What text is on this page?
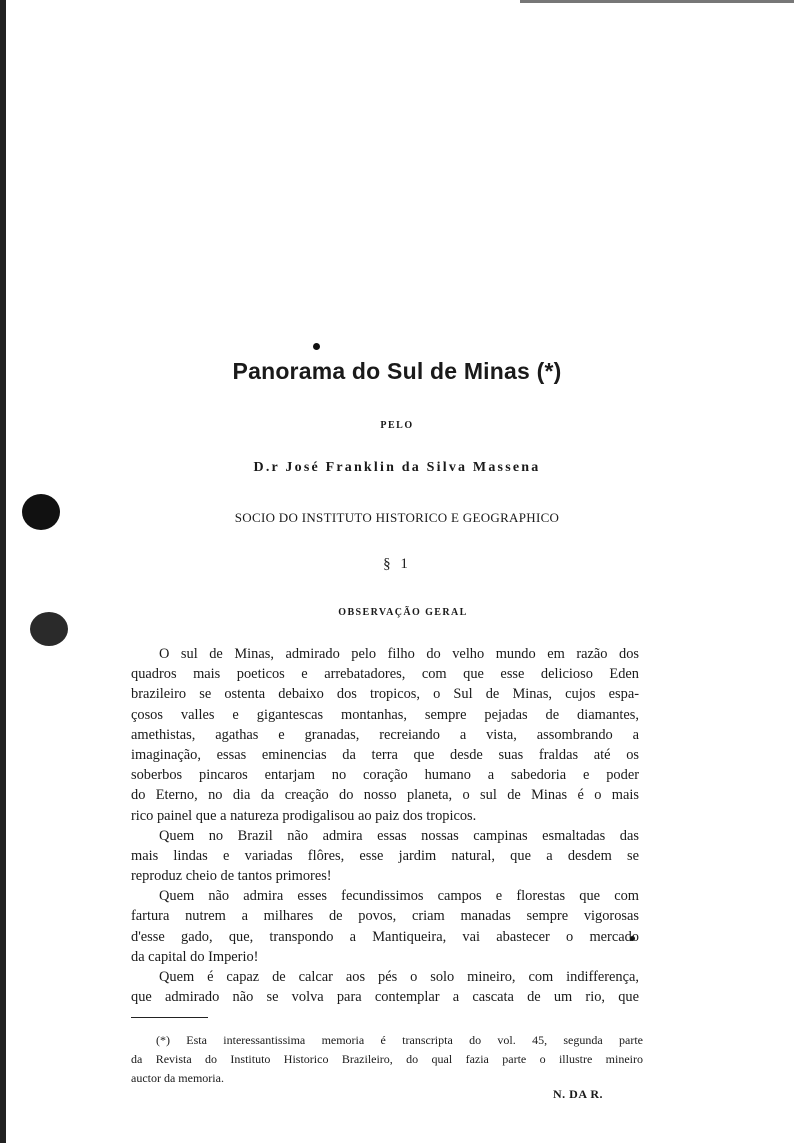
Panorama do Sul de Minas (*)
PELO
D.r José Franklin da Silva Massena
SOCIO DO INSTITUTO HISTORICO E GEOGRAPHICO
§ 1
OBSERVAÇÃO GERAL
O sul de Minas, admirado pelo filho do velho mundo em razão dos
quadros mais poeticos e arrebatadores, com que esse delicioso Eden
brazileiro se ostenta debaixo dos tropicos, o Sul de Minas, cujos espa-
çosos valles e gigantescas montanhas, sempre pejadas de diamantes,
amethistas, agathas e granadas, recreiando a vista, assombrando a
imaginação, essas eminencias da terra que desde suas fraldas até os
soberbos pincaros entarjam no coração humano a sabedoria e poder
do Eterno, no dia da creação do nosso planeta, o sul de Minas é o mais
rico painel que a natureza prodigalisou ao paiz dos tropicos.
Quem no Brazil não admira essas nossas campinas esmaltadas das
mais lindas e variadas flôres, esse jardim natural, que a desdem se
reproduz cheio de tantos primores!
Quem não admira esses fecundissimos campos e florestas que com
fartura nutrem a milhares de povos, criam manadas sempre vigorosas
d'esse gado, que, transpondo a Mantiqueira, vai abastecer o mercado
da capital do Imperio!
Quem é capaz de calcar aos pés o solo mineiro, com indifferença,
que admirado não se volva para contemplar a cascata de um rio, que
(*) Esta interessantissima memoria é transcripta do vol. 45, segunda parte
da Revista do Instituto Historico Brazileiro, do qual fazia parte o illustre mineiro
auctor da memoria.
N. DA R.
